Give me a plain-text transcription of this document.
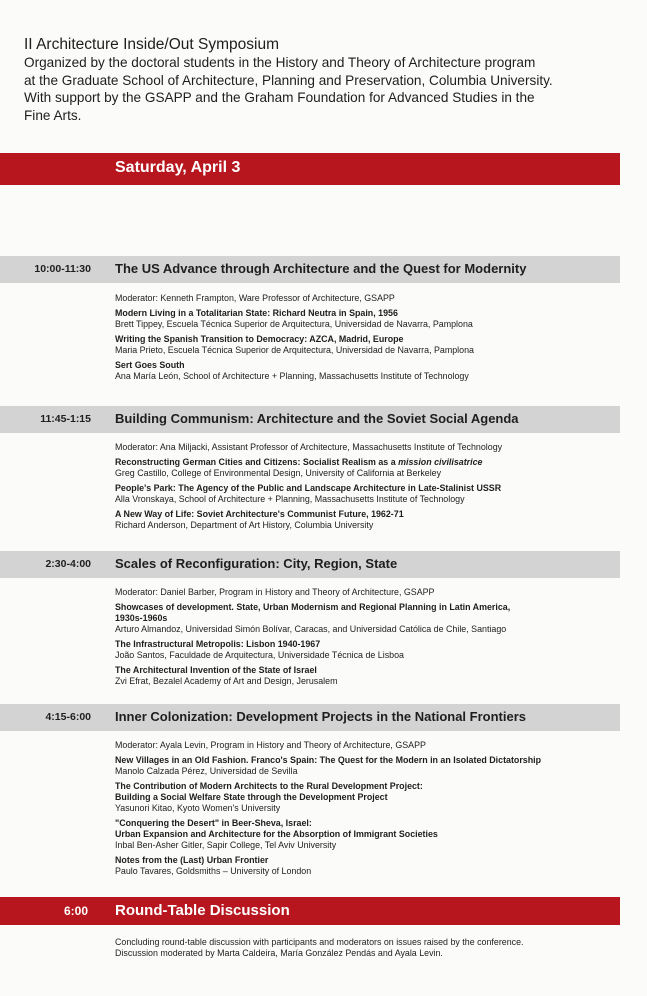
II Architecture Inside/Out Symposium
Organized by the doctoral students in the History and Theory of Architecture program
at the Graduate School of Architecture, Planning and Preservation, Columbia University.
With support by the GSAPP and the Graham Foundation for Advanced Studies in the
Fine Arts.
Saturday, April 3
10:00-11:30 The US Advance through Architecture and the Quest for Modernity
Moderator: Kenneth Frampton, Ware Professor of Architecture, GSAPP
Modern Living in a Totalitarian State: Richard Neutra in Spain, 1956
Brett Tippey, Escuela Técnica Superior de Arquitectura, Universidad de Navarra, Pamplona
Writing the Spanish Transition to Democracy: AZCA, Madrid, Europe
Maria Prieto, Escuela Técnica Superior de Arquitectura, Universidad de Navarra, Pamplona
Sert Goes South
Ana María León, School of Architecture + Planning, Massachusetts Institute of Technology
11:45-1:15 Building Communism: Architecture and the Soviet Social Agenda
Moderator: Ana Miljacki, Assistant Professor of Architecture, Massachusetts Institute of Technology
Reconstructing German Cities and Citizens: Socialist Realism as a mission civilisatrice
Greg Castillo, College of Environmental Design, University of California at Berkeley
People's Park: The Agency of the Public and Landscape Architecture in Late-Stalinist USSR
Alla Vronskaya, School of Architecture + Planning, Massachusetts Institute of Technology
A New Way of Life: Soviet Architecture's Communist Future, 1962-71
Richard Anderson, Department of Art History, Columbia University
2:30-4:00 Scales of Reconfiguration: City, Region, State
Moderator: Daniel Barber, Program in History and Theory of Architecture, GSAPP
Showcases of development. State, Urban Modernism and Regional Planning in Latin America,
1930s-1960s
Arturo Almandoz, Universidad Simón Bolívar, Caracas, and Universidad Católica de Chile, Santiago
The Infrastructural Metropolis: Lisbon 1940-1967
João Santos, Faculdade de Arquitectura, Universidade Técnica de Lisboa
The Architectural Invention of the State of Israel
Zvi Efrat, Bezalel Academy of Art and Design, Jerusalem
4:15-6:00 Inner Colonization: Development Projects in the National Frontiers
Moderator: Ayala Levin, Program in History and Theory of Architecture, GSAPP
New Villages in an Old Fashion. Franco's Spain: The Quest for the Modern in an Isolated Dictatorship
Manolo Calzada Pérez, Universidad de Sevilla
The Contribution of Modern Architects to the Rural Development Project:
Building a Social Welfare State through the Development Project
Yasunori Kitao, Kyoto Women's University
"Conquering the Desert" in Beer-Sheva, Israel:
Urban Expansion and Architecture for the Absorption of Immigrant Societies
Inbal Ben-Asher Gitler, Sapir College, Tel Aviv University
Notes from the (Last) Urban Frontier
Paulo Tavares, Goldsmiths – University of London
6:00 Round-Table Discussion
Concluding round-table discussion with participants and moderators on issues raised by the conference.
Discussion moderated by Marta Caldeira, María González Pendás and Ayala Levin.
